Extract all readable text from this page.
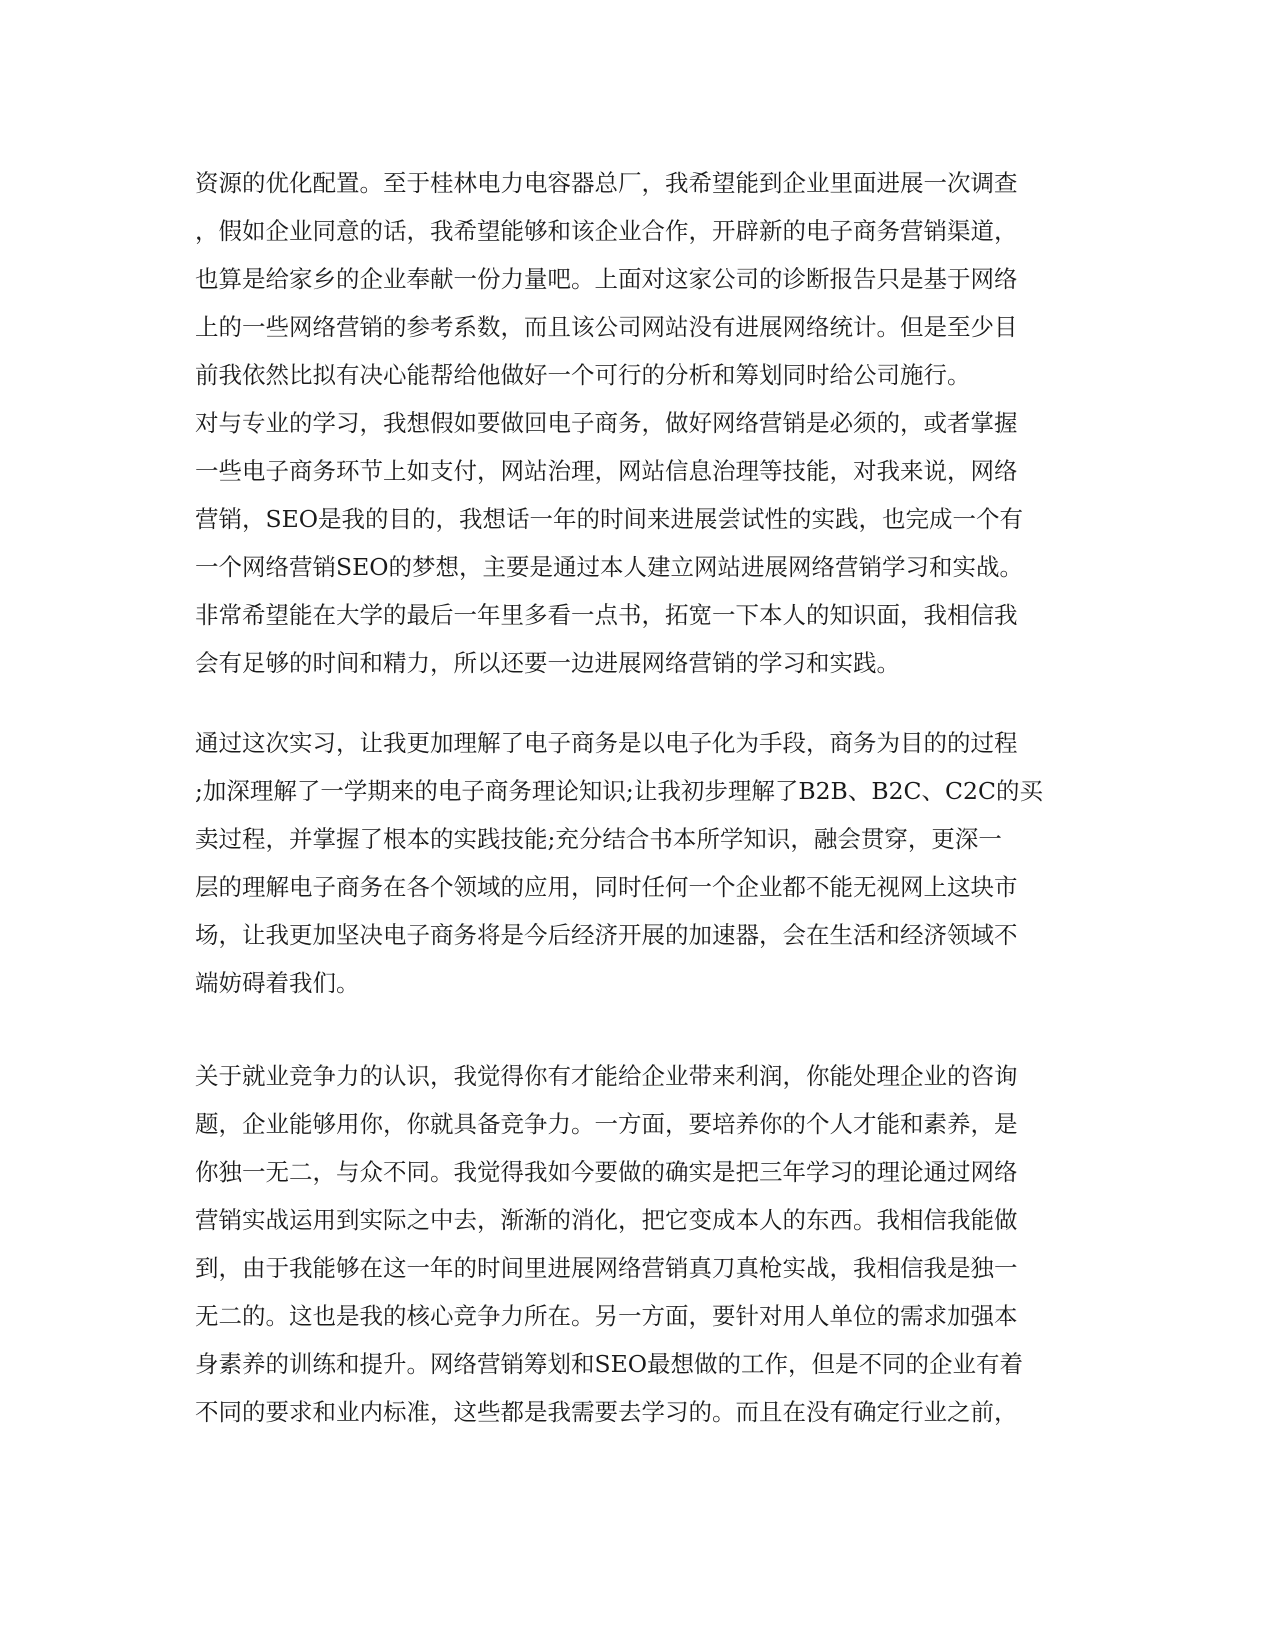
资源的优化配置。至于桂林电力电容器总厂，我希望能到企业里面进展一次调查
，假如企业同意的话，我希望能够和该企业合作，开辟新的电子商务营销渠道，
也算是给家乡的企业奉献一份力量吧。上面对这家公司的诊断报告只是基于网络
上的一些网络营销的参考系数，而且该公司网站没有进展网络统计。但是至少目
前我依然比拟有决心能帮给他做好一个可行的分析和筹划同时给公司施行。
对与专业的学习，我想假如要做回电子商务，做好网络营销是必须的，或者掌握
一些电子商务环节上如支付，网站治理，网站信息治理等技能，对我来说，网络
营销，SEO是我的目的，我想话一年的时间来进展尝试性的实践，也完成一个有
一个网络营销SEO的梦想，主要是通过本人建立网站进展网络营销学习和实战。
非常希望能在大学的最后一年里多看一点书，拓宽一下本人的知识面，我相信我
会有足够的时间和精力，所以还要一边进展网络营销的学习和实践。
通过这次实习，让我更加理解了电子商务是以电子化为手段，商务为目的的过程
;加深理解了一学期来的电子商务理论知识;让我初步理解了B2B、B2C、C2C的买
卖过程，并掌握了根本的实践技能;充分结合书本所学知识，融会贯穿，更深一
层的理解电子商务在各个领域的应用，同时任何一个企业都不能无视网上这块市
场，让我更加坚决电子商务将是今后经济开展的加速器，会在生活和经济领域不
端妨碍着我们。
关于就业竞争力的认识，我觉得你有才能给企业带来利润，你能处理企业的咨询
题，企业能够用你，你就具备竞争力。一方面，要培养你的个人才能和素养，是
你独一无二，与众不同。我觉得我如今要做的确实是把三年学习的理论通过网络
营销实战运用到实际之中去，渐渐的消化，把它变成本人的东西。我相信我能做
到，由于我能够在这一年的时间里进展网络营销真刀真枪实战，我相信我是独一
无二的。这也是我的核心竞争力所在。另一方面，要针对用人单位的需求加强本
身素养的训练和提升。网络营销筹划和SEO最想做的工作，但是不同的企业有着
不同的要求和业内标准，这些都是我需要去学习的。而且在没有确定行业之前，
